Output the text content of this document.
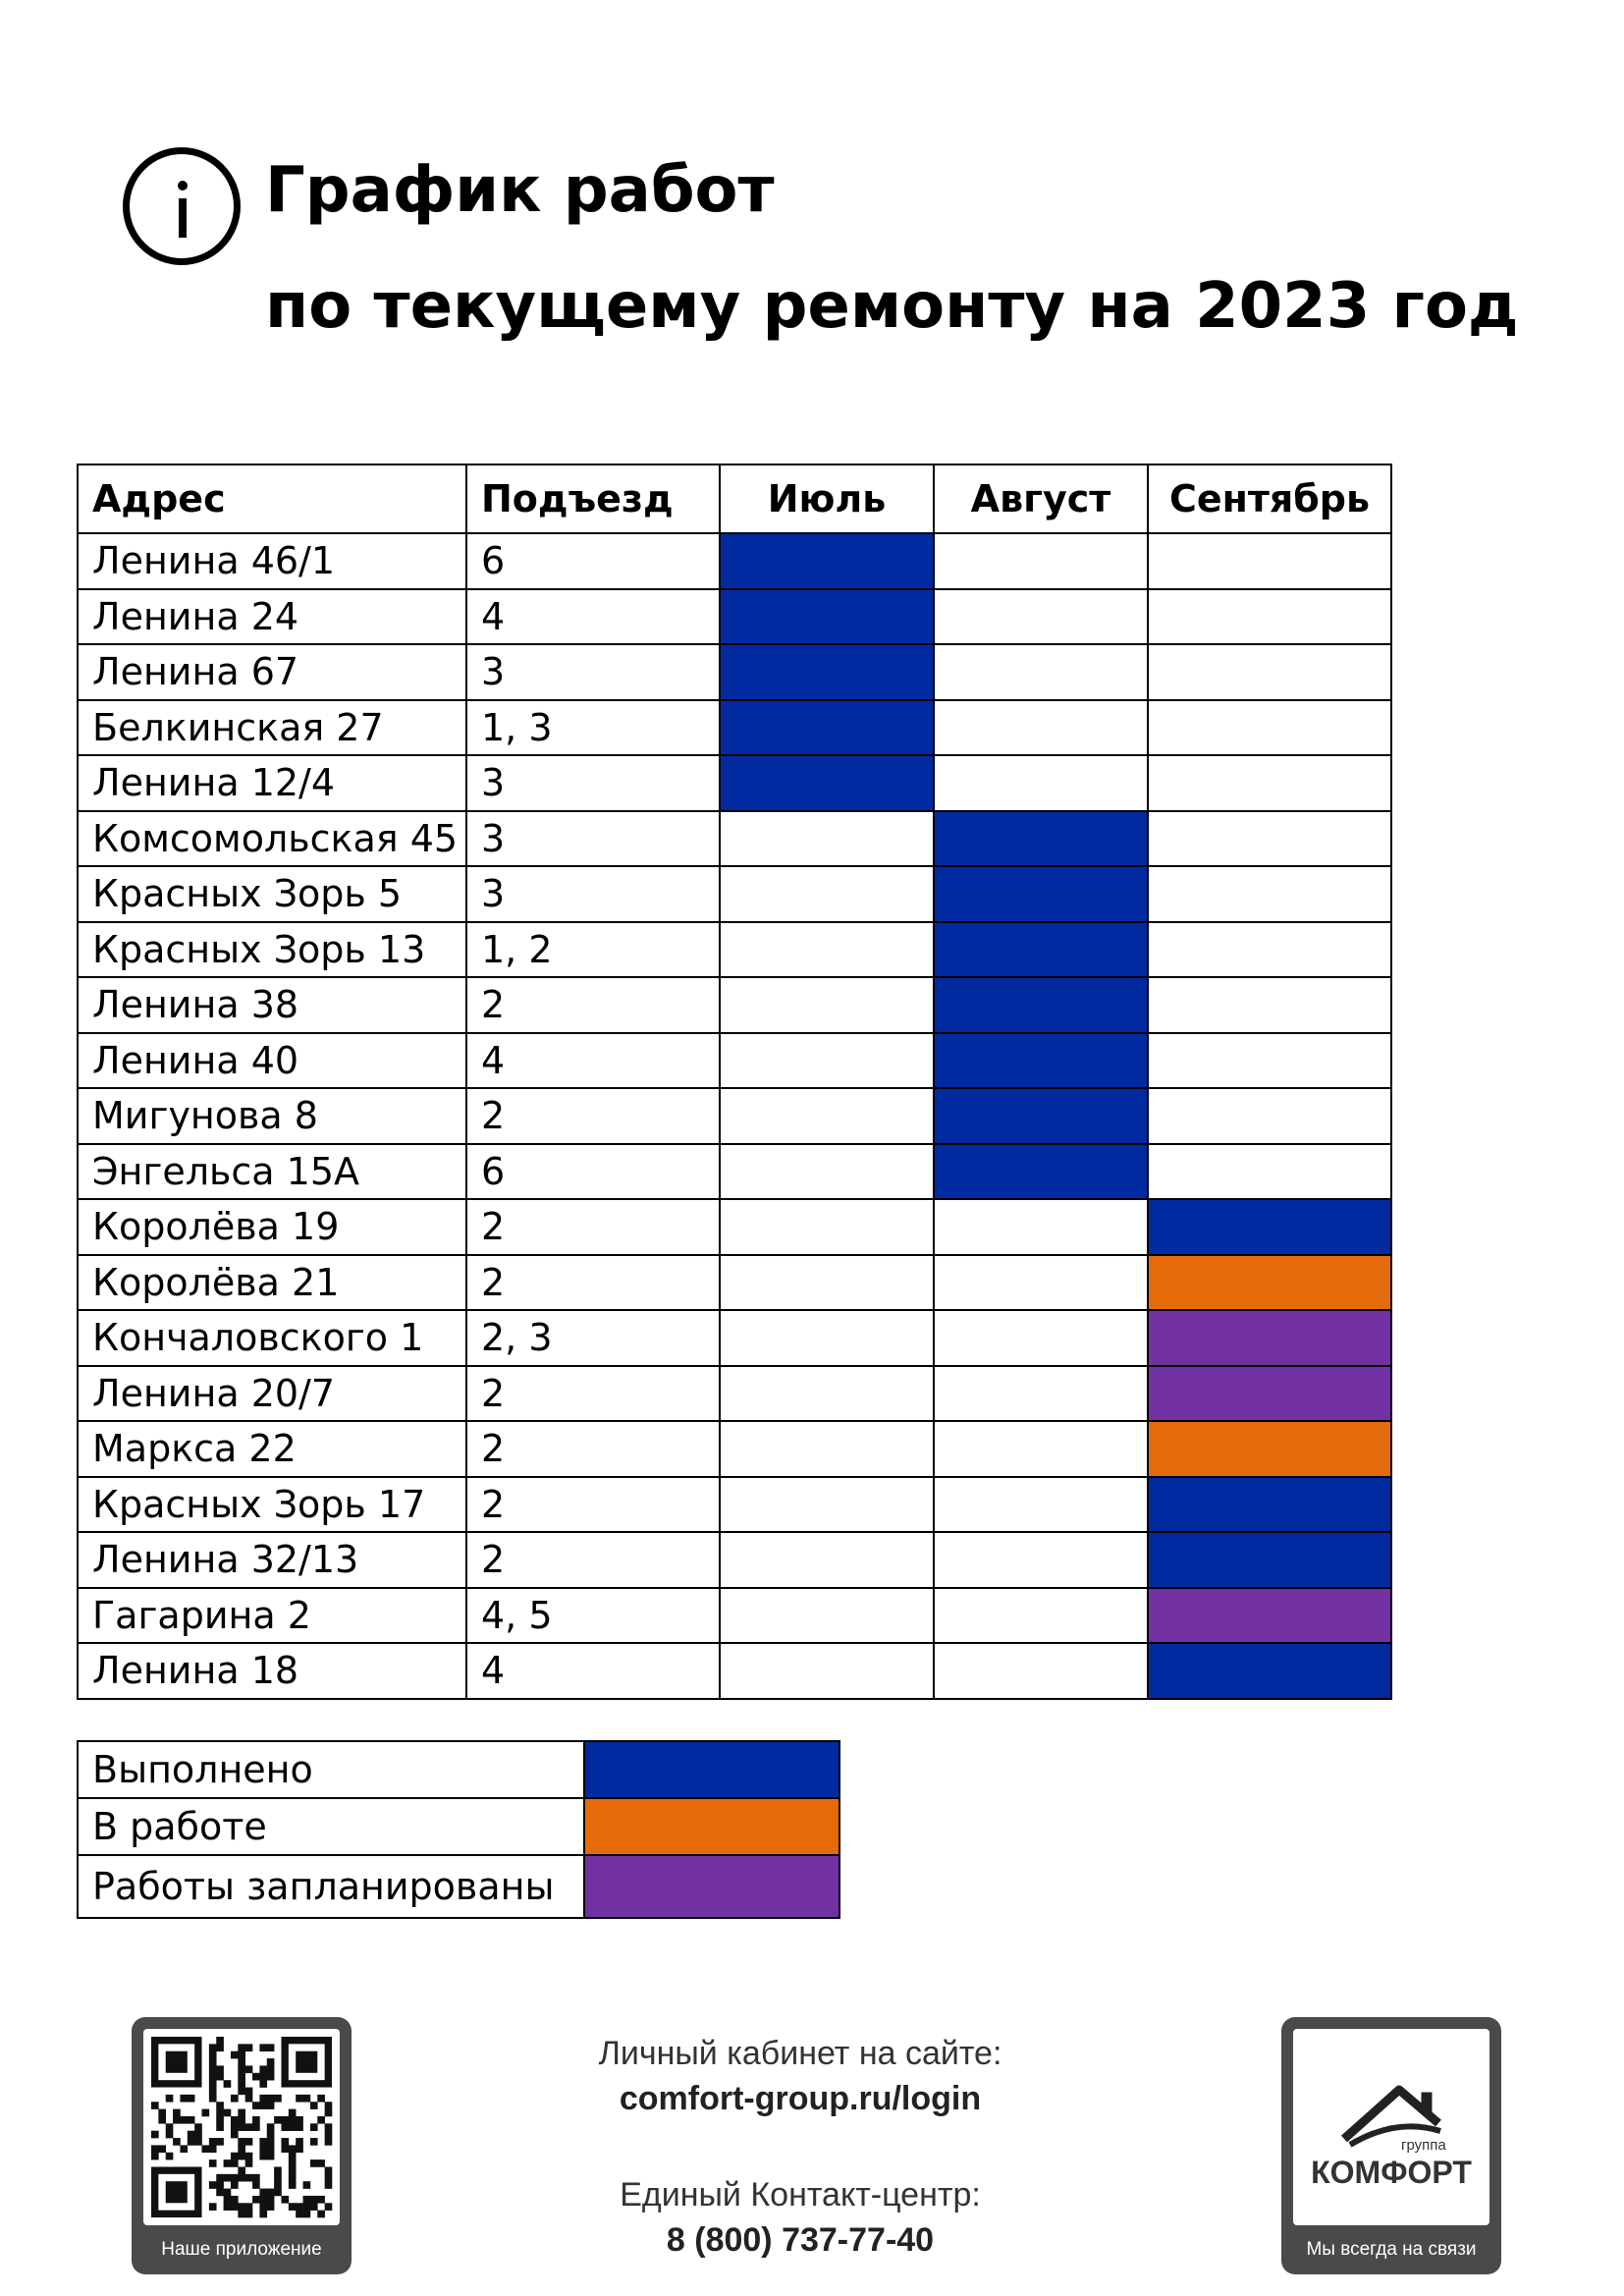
График работ
по текущему ремонту на 2023 год
Адрес	Подъезд	Июль	Август	Сентябрь
Ленина 46/1	6			
Ленина 24	4			
Ленина 67	3			
Белкинская 27	1, 3			
Ленина 12/4	3			
Комсомольская 45	3			
Красных Зорь 5	3			
Красных Зорь 13	1, 2			
Ленина 38	2			
Ленина 40	4			
Мигунова 8	2			
Энгельса 15А	6			
Королёва 19	2			
Королёва 21	2			
Кончаловского 1	2, 3			
Ленина 20/7	2			
Маркса 22	2			
Красных Зорь 17	2			
Ленина 32/13	2			
Гагарина 2	4, 5			
Ленина 18	4			
Выполнено	
В работе	
Работы запланированы	
Наше приложение
Личный кабинет на сайте:
comfort-group.ru/login
Единый Контакт-центр:
8 (800) 737-77-40
группа
КОМФОРТ
Мы всегда на связи
